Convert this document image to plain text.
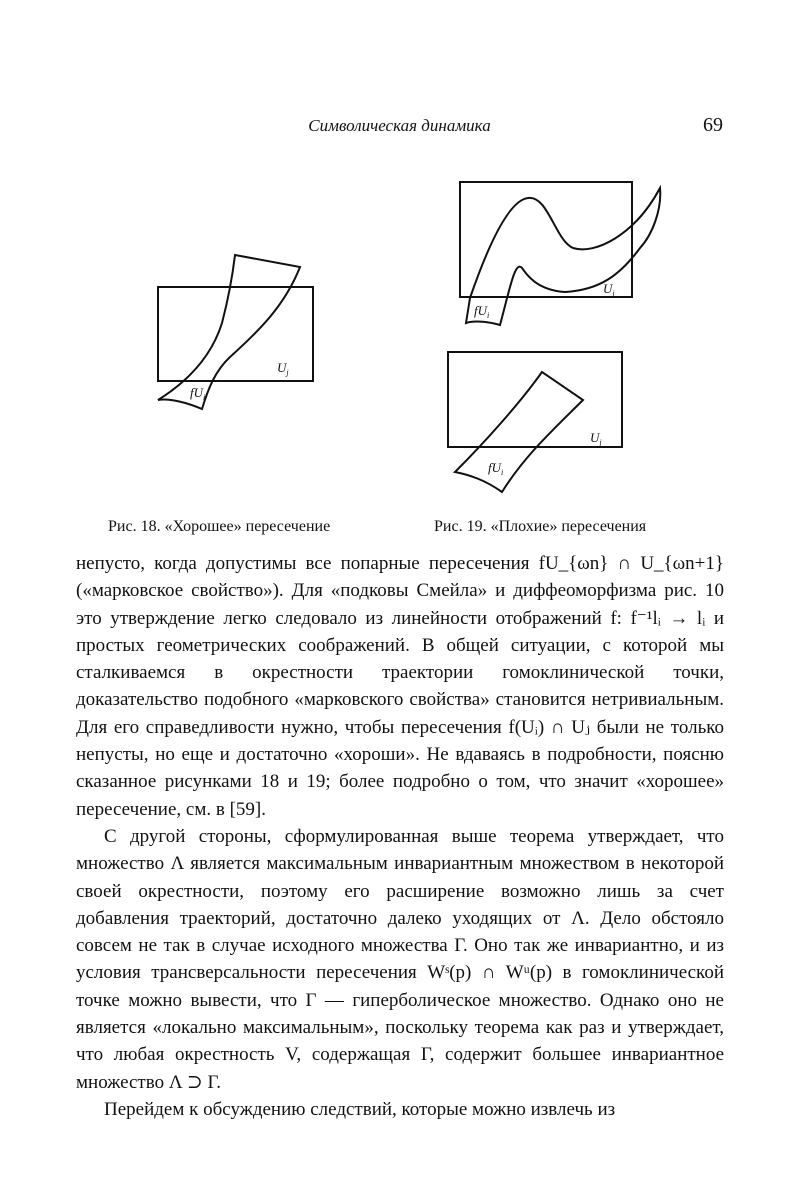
Символическая динамика	69
$U_j$
$fU_i$
$U_j$
$fU_i$
$U_j$
$fU_i$
Рис. 18. «Хорошее» пересечение	Рис. 19. «Плохие» пересечения

непусто, когда допустимы все попарные пересечения fU_{ωn} ∩ U_{ωn+1} («марковское свойство»). Для «подковы Смейла» и диффеоморфизма рис. 10 это утверждение легко следовало из линейности отображений f: f⁻¹lᵢ → lᵢ и простых геометрических соображений. В общей ситуации, с которой мы сталкиваемся в окрестности траектории гомоклинической точки, доказательство подобного «марковского свойства» становится нетривиальным. Для его справедливости нужно, чтобы пересечения f(Uᵢ) ∩ Uⱼ были не только непусты, но еще и достаточно «хороши». Не вдаваясь в подробности, поясню сказанное рисунками 18 и 19; более подробно о том, что значит «хорошее» пересечение, см. в [59].

С другой стороны, сформулированная выше теорема утверждает, что множество Λ является максимальным инвариантным множеством в некоторой своей окрестности, поэтому его расширение возможно лишь за счет добавления траекторий, достаточно далеко уходящих от Λ. Дело обстояло совсем не так в случае исходного множества Γ. Оно так же инвариантно, и из условия трансверсальности пересечения Wˢ(p) ∩ Wᵘ(p) в гомоклинической точке можно вывести, что Γ — гиперболическое множество. Однако оно не является «локально максимальным», поскольку теорема как раз и утверждает, что любая окрестность V, содержащая Γ, содержит большее инвариантное множество Λ ⊃ Γ.

Перейдем к обсуждению следствий, которые можно извлечь из
